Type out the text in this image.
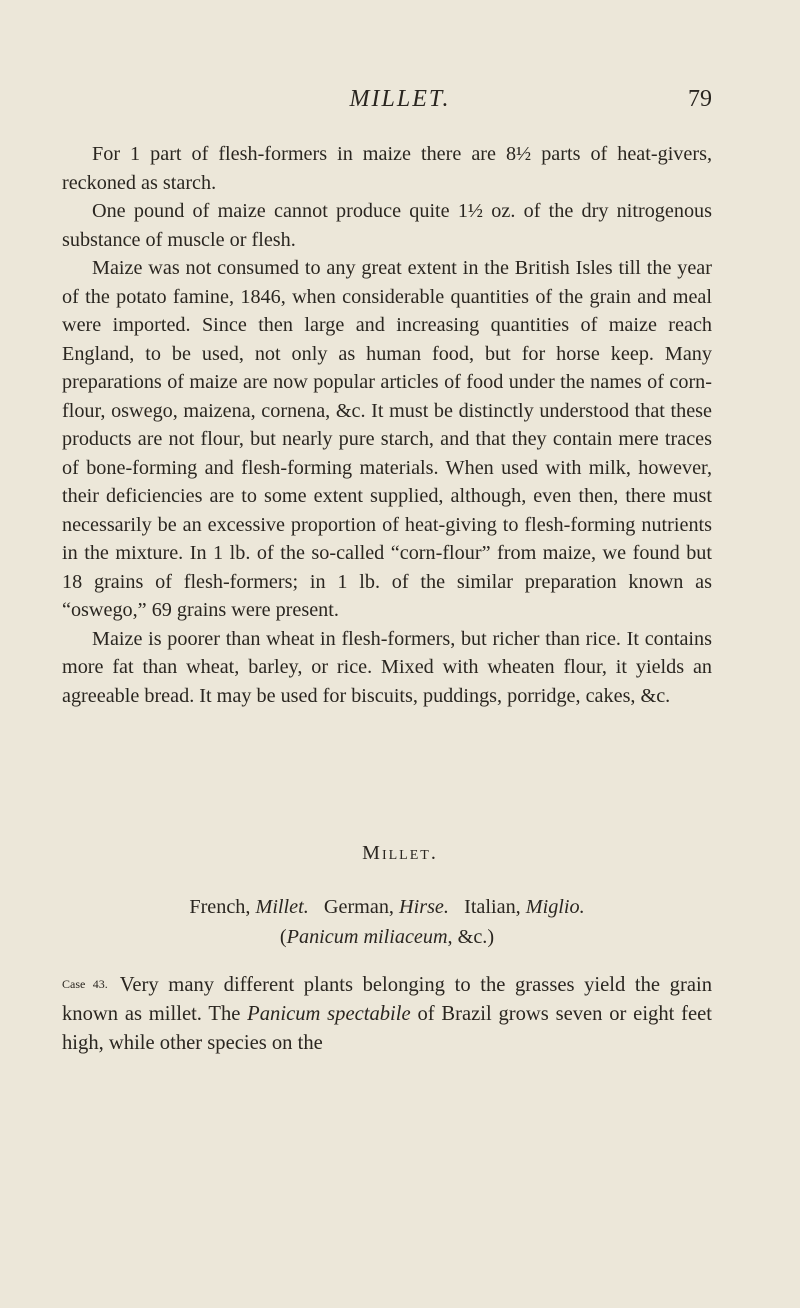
MILLET.	79

For 1 part of flesh-formers in maize there are 8½ parts of heat-givers, reckoned as starch.

One pound of maize cannot produce quite 1½ oz. of the dry nitrogenous substance of muscle or flesh.

Maize was not consumed to any great extent in the British Isles till the year of the potato famine, 1846, when considerable quantities of the grain and meal were imported. Since then large and increasing quantities of maize reach England, to be used, not only as human food, but for horse keep. Many preparations of maize are now popular articles of food under the names of corn-flour, oswego, maizena, cornena, &c. It must be distinctly understood that these products are not flour, but nearly pure starch, and that they contain mere traces of bone-forming and flesh-forming materials. When used with milk, however, their deficiencies are to some extent supplied, although, even then, there must necessarily be an excessive proportion of heat-giving to flesh-forming nutrients in the mixture. In 1 lb. of the so-called “corn-flour” from maize, we found but 18 grains of flesh-formers; in 1 lb. of the similar preparation known as “oswego,” 69 grains were present.

Maize is poorer than wheat in flesh-formers, but richer than rice. It contains more fat than wheat, barley, or rice. Mixed with wheaten flour, it yields an agreeable bread. It may be used for biscuits, puddings, porridge, cakes, &c.

Millet.
French, Millet. German, Hirse. Italian, Miglio.
(Panicum miliaceum, &c.)

Case 43. Very many different plants belonging to the grasses yield the grain known as millet. The Panicum spectabile of Brazil grows seven or eight feet high, while other species on the
